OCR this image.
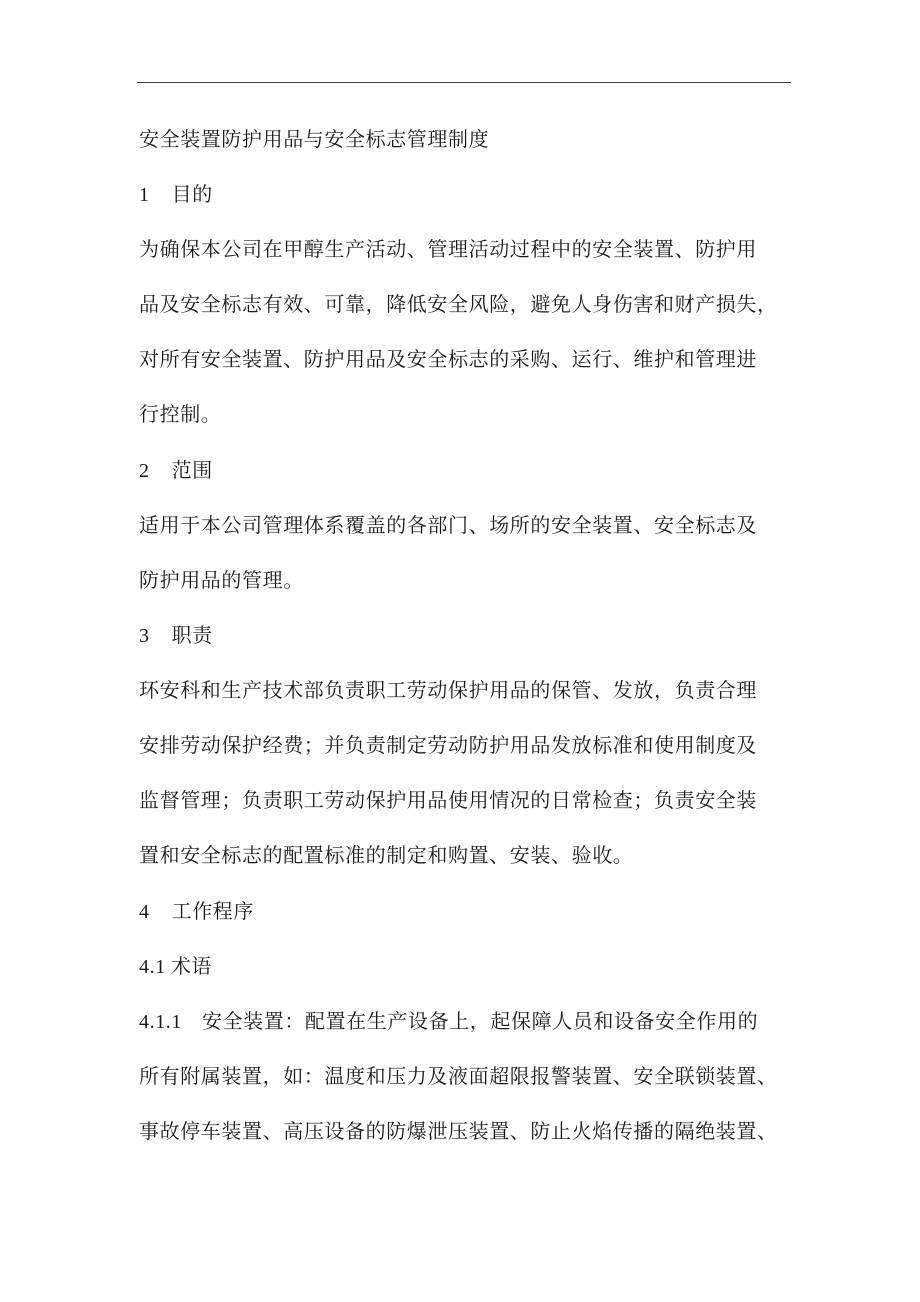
安全装置防护用品与安全标志管理制度
1 目的
为确保本公司在甲醇生产活动、管理活动过程中的安全装置、防护用
品及安全标志有效、可靠，降低安全风险，避免人身伤害和财产损失，
对所有安全装置、防护用品及安全标志的采购、运行、维护和管理进
行控制。
2 范围
适用于本公司管理体系覆盖的各部门、场所的安全装置、安全标志及
防护用品的管理。
3 职责
环安科和生产技术部负责职工劳动保护用品的保管、发放，负责合理
安排劳动保护经费；并负责制定劳动防护用品发放标准和使用制度及
监督管理；负责职工劳动保护用品使用情况的日常检查；负责安全装
置和安全标志的配置标准的制定和购置、安装、验收。
4 工作程序
4.1 术语
4.1.1 安全装置：配置在生产设备上，起保障人员和设备安全作用的
所有附属装置，如：温度和压力及液面超限报警装置、安全联锁装置、
事故停车装置、高压设备的防爆泄压装置、防止火焰传播的隔绝装置、
